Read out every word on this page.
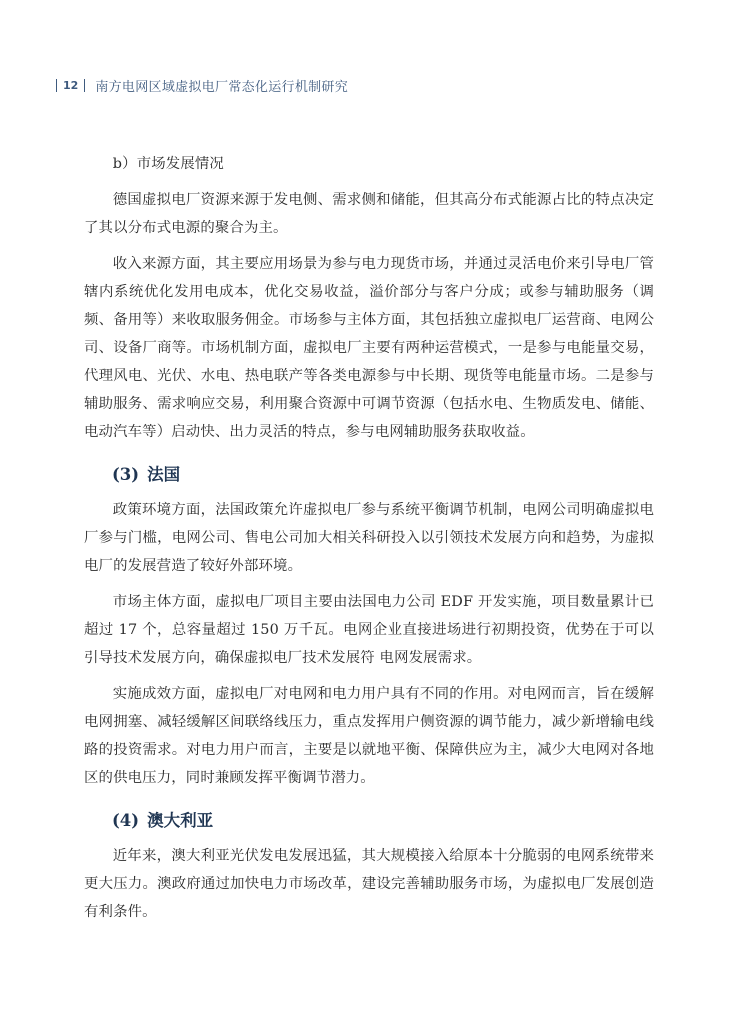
12 南方电网区域虚拟电厂常态化运行机制研究

b）市场发展情况

德国虚拟电厂资源来源于发电侧、需求侧和储能，但其高分布式能源占比的特点决定了其以分布式电源的聚合为主。

收入来源方面，其主要应用场景为参与电力现货市场，并通过灵活电价来引导电厂管辖内系统优化发用电成本，优化交易收益，溢价部分与客户分成；或参与辅助服务（调频、备用等）来收取服务佣金。市场参与主体方面，其包括独立虚拟电厂运营商、电网公司、设备厂商等。市场机制方面，虚拟电厂主要有两种运营模式，一是参与电能量交易，代理风电、光伏、水电、热电联产等各类电源参与中长期、现货等电能量市场。二是参与辅助服务、需求响应交易，利用聚合资源中可调节资源（包括水电、生物质发电、储能、电动汽车等）启动快、出力灵活的特点，参与电网辅助服务获取收益。

(3) 法国

政策环境方面，法国政策允许虚拟电厂参与系统平衡调节机制，电网公司明确虚拟电厂参与门槛，电网公司、售电公司加大相关科研投入以引领技术发展方向和趋势，为虚拟电厂的发展营造了较好外部环境。

市场主体方面，虚拟电厂项目主要由法国电力公司 EDF 开发实施，项目数量累计已超过 17 个，总容量超过 150 万千瓦。电网企业直接进场进行初期投资，优势在于可以引导技术发展方向，确保虚拟电厂技术发展符 电网发展需求。

实施成效方面，虚拟电厂对电网和电力用户具有不同的作用。对电网而言，旨在缓解电网拥塞、减轻缓解区间联络线压力，重点发挥用户侧资源的调节能力，减少新增输电线路的投资需求。对电力用户而言，主要是以就地平衡、保障供应为主，减少大电网对各地区的供电压力，同时兼顾发挥平衡调节潜力。

(4) 澳大利亚

近年来，澳大利亚光伏发电发展迅猛，其大规模接入给原本十分脆弱的电网系统带来更大压力。澳政府通过加快电力市场改革，建设完善辅助服务市场，为虚拟电厂发展创造有利条件。
